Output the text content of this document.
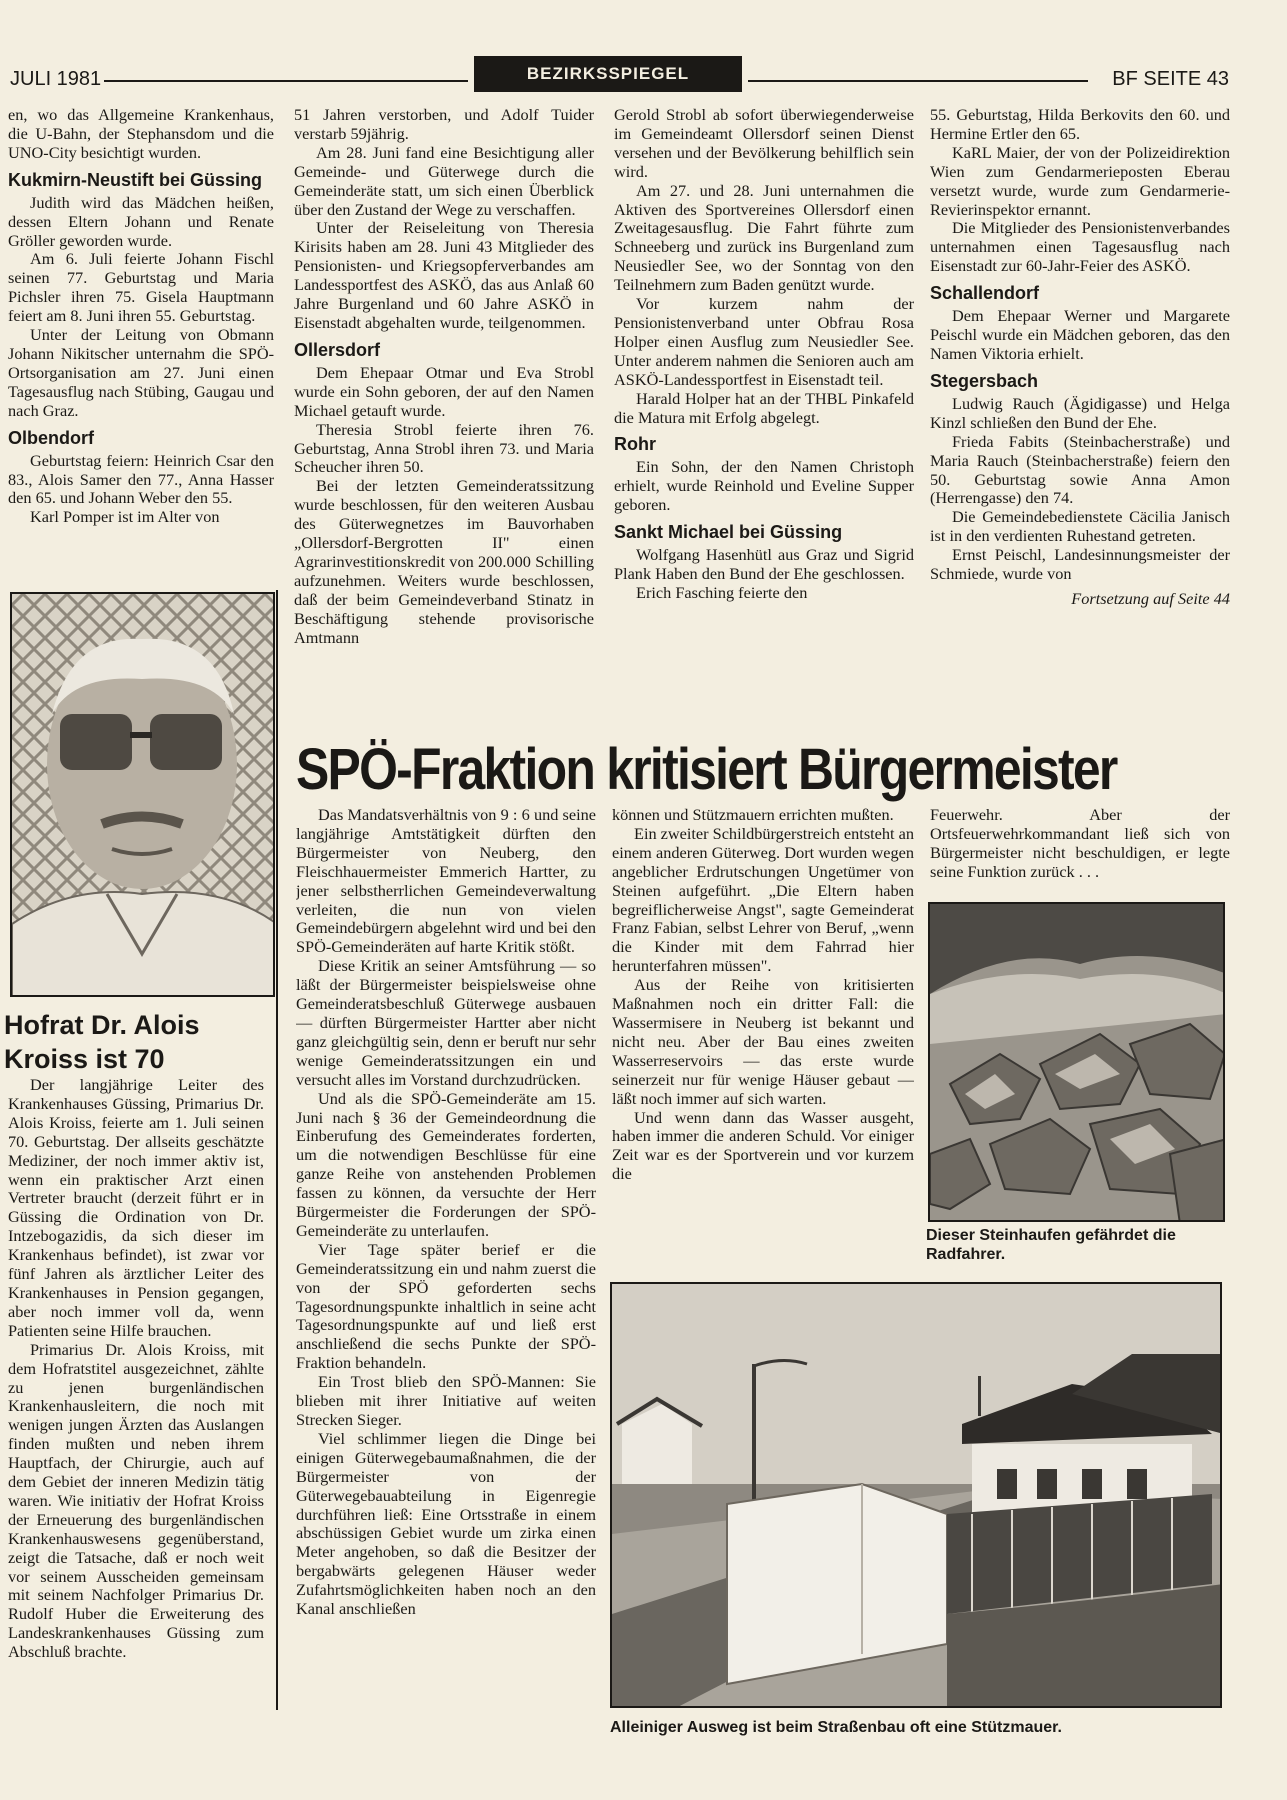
JULI 1981	BEZIRKSSPIEGEL	BF SEITE 43

en, wo das Allgemeine Krankenhaus, die U-Bahn, der Stephansdom und die UNO-City besichtigt wurden.

Kukmirn-Neustift bei Güssing

Judith wird das Mädchen heißen, dessen Eltern Johann und Renate Gröller geworden wurde.

Am 6. Juli feierte Johann Fischl seinen 77. Geburtstag und Maria Pichsler ihren 75. Gisela Hauptmann feiert am 8. Juni ihren 55. Geburtstag.

Unter der Leitung von Obmann Johann Nikitscher unternahm die SPÖ-Ortsorganisation am 27. Juni einen Tagesausflug nach Stübing, Gaugau und nach Graz.

Olbendorf

Geburtstag feiern: Heinrich Csar den 83., Alois Samer den 77., Anna Hasser den 65. und Johann Weber den 55.

Karl Pomper ist im Alter von

Hofrat Dr. Alois
Kroiss ist 70

Der langjährige Leiter des Krankenhauses Güssing, Primarius Dr. Alois Kroiss, feierte am 1. Juli seinen 70. Geburtstag. Der allseits geschätzte Mediziner, der noch immer aktiv ist, wenn ein praktischer Arzt einen Vertreter braucht (derzeit führt er in Güssing die Ordination von Dr. Intzebogazidis, da sich dieser im Krankenhaus befindet), ist zwar vor fünf Jahren als ärztlicher Leiter des Krankenhauses in Pension gegangen, aber noch immer voll da, wenn Patienten seine Hilfe brauchen.

Primarius Dr. Alois Kroiss, mit dem Hofratstitel ausgezeichnet, zählte zu jenen burgenländischen Krankenhausleitern, die noch mit wenigen jungen Ärzten das Auslangen finden mußten und neben ihrem Hauptfach, der Chirurgie, auch auf dem Gebiet der inneren Medizin tätig waren. Wie initiativ der Hofrat Kroiss der Erneuerung des burgenländischen Krankenhauswesens gegenüberstand, zeigt die Tatsache, daß er noch weit vor seinem Ausscheiden gemeinsam mit seinem Nachfolger Primarius Dr. Rudolf Huber die Erweiterung des Landeskrankenhauses Güssing zum Abschluß brachte.

51 Jahren verstorben, und Adolf Tuider verstarb 59jährig.

Am 28. Juni fand eine Besichtigung aller Gemeinde- und Güterwege durch die Gemeinderäte statt, um sich einen Überblick über den Zustand der Wege zu verschaffen.

Unter der Reiseleitung von Theresia Kirisits haben am 28. Juni 43 Mitglieder des Pensionisten- und Kriegsopferverbandes am Landessportfest des ASKÖ, das aus Anlaß 60 Jahre Burgenland und 60 Jahre ASKÖ in Eisenstadt abgehalten wurde, teilgenommen.

Ollersdorf

Dem Ehepaar Otmar und Eva Strobl wurde ein Sohn geboren, der auf den Namen Michael getauft wurde.

Theresia Strobl feierte ihren 76. Geburtstag, Anna Strobl ihren 73. und Maria Scheucher ihren 50.

Bei der letzten Gemeinderatssitzung wurde beschlossen, für den weiteren Ausbau des Güterwegnetzes im Bauvorhaben „Ollersdorf-Bergrotten II" einen Agrarinvestitionskredit von 200.000 Schilling aufzunehmen. Weiters wurde beschlossen, daß der beim Gemeindeverband Stinatz in Beschäftigung stehende provisorische Amtmann

Gerold Strobl ab sofort überwiegenderweise im Gemeindeamt Ollersdorf seinen Dienst versehen und der Bevölkerung behilflich sein wird.

Am 27. und 28. Juni unternahmen die Aktiven des Sportvereines Ollersdorf einen Zweitagesausflug. Die Fahrt führte zum Schneeberg und zurück ins Burgenland zum Neusiedler See, wo der Sonntag von den Teilnehmern zum Baden genützt wurde.

Vor kurzem nahm der Pensionistenverband unter Obfrau Rosa Holper einen Ausflug zum Neusiedler See. Unter anderem nahmen die Senioren auch am ASKÖ-Landessportfest in Eisenstadt teil.

Harald Holper hat an der THBL Pinkafeld die Matura mit Erfolg abgelegt.

Rohr

Ein Sohn, der den Namen Christoph erhielt, wurde Reinhold und Eveline Supper geboren.

Sankt Michael bei Güssing

Wolfgang Hasenhütl aus Graz und Sigrid Plank Haben den Bund der Ehe geschlossen.

Erich Fasching feierte den

55. Geburtstag, Hilda Berkovits den 60. und Hermine Ertler den 65.

KaRL Maier, der von der Polizeidirektion Wien zum Gendarmerieposten Eberau versetzt wurde, wurde zum Gendarmerie-Revierinspektor ernannt.

Die Mitglieder des Pensionistenverbandes unternahmen einen Tagesausflug nach Eisenstadt zur 60-Jahr-Feier des ASKÖ.

Schallendorf

Dem Ehepaar Werner und Margarete Peischl wurde ein Mädchen geboren, das den Namen Viktoria erhielt.

Stegersbach

Ludwig Rauch (Ägidigasse) und Helga Kinzl schließen den Bund der Ehe.

Frieda Fabits (Steinbacherstraße) und Maria Rauch (Steinbacherstraße) feiern den 50. Geburtstag sowie Anna Amon (Herrengasse) den 74.

Die Gemeindebedienstete Cäcilia Janisch ist in den verdienten Ruhestand getreten.

Ernst Peischl, Landesinnungsmeister der Schmiede, wurde von

Fortsetzung auf Seite 44

SPÖ-Fraktion kritisiert Bürgermeister

Das Mandatsverhältnis von 9 : 6 und seine langjährige Amtstätigkeit dürften den Bürgermeister von Neuberg, den Fleischhauermeister Emmerich Hartter, zu jener selbstherrlichen Gemeindeverwaltung verleiten, die nun von vielen Gemeindebürgern abgelehnt wird und bei den SPÖ-Gemeinderäten auf harte Kritik stößt.

Diese Kritik an seiner Amtsführung — so läßt der Bürgermeister beispielsweise ohne Gemeinderatsbeschluß Güterwege ausbauen — dürften Bürgermeister Hartter aber nicht ganz gleichgültig sein, denn er beruft nur sehr wenige Gemeinderatssitzungen ein und versucht alles im Vorstand durchzudrücken.

Und als die SPÖ-Gemeinderäte am 15. Juni nach § 36 der Gemeindeordnung die Einberufung des Gemeinderates forderten, um die notwendigen Beschlüsse für eine ganze Reihe von anstehenden Problemen fassen zu können, da versuchte der Herr Bürgermeister die Forderungen der SPÖ-Gemeinderäte zu unterlaufen.

Vier Tage später berief er die Gemeinderatssitzung ein und nahm zuerst die von der SPÖ geforderten sechs Tagesordnungspunkte inhaltlich in seine acht Tagesordnungspunkte auf und ließ erst anschließend die sechs Punkte der SPÖ-Fraktion behandeln.

Ein Trost blieb den SPÖ-Mannen: Sie blieben mit ihrer Initiative auf weiten Strecken Sieger.

Viel schlimmer liegen die Dinge bei einigen Güterwegebaumaßnahmen, die der Bürgermeister von der Güterwegebauabteilung in Eigenregie durchführen ließ: Eine Ortsstraße in einem abschüssigen Gebiet wurde um zirka einen Meter angehoben, so daß die Besitzer der bergabwärts gelegenen Häuser weder Zufahrtsmöglichkeiten haben noch an den Kanal anschließen

können und Stützmauern errichten mußten.

Ein zweiter Schildbürgerstreich entsteht an einem anderen Güterweg. Dort wurden wegen angeblicher Erdrutschungen Ungetümer von Steinen aufgeführt. „Die Eltern haben begreiflicherweise Angst", sagte Gemeinderat Franz Fabian, selbst Lehrer von Beruf, „wenn die Kinder mit dem Fahrrad hier herunterfahren müssen".

Aus der Reihe von kritisierten Maßnahmen noch ein dritter Fall: die Wassermisere in Neuberg ist bekannt und nicht neu. Aber der Bau eines zweiten Wasserreservoirs — das erste wurde seinerzeit nur für wenige Häuser gebaut — läßt noch immer auf sich warten.

Und wenn dann das Wasser ausgeht, haben immer die anderen Schuld. Vor einiger Zeit war es der Sportverein und vor kurzem die

Feuerwehr. Aber der Ortsfeuerwehrkommandant ließ sich von Bürgermeister nicht beschuldigen, er legte seine Funktion zurück . . .

Dieser Steinhaufen gefährdet die Radfahrer.
Alleiniger Ausweg ist beim Straßenbau oft eine Stützmauer.
